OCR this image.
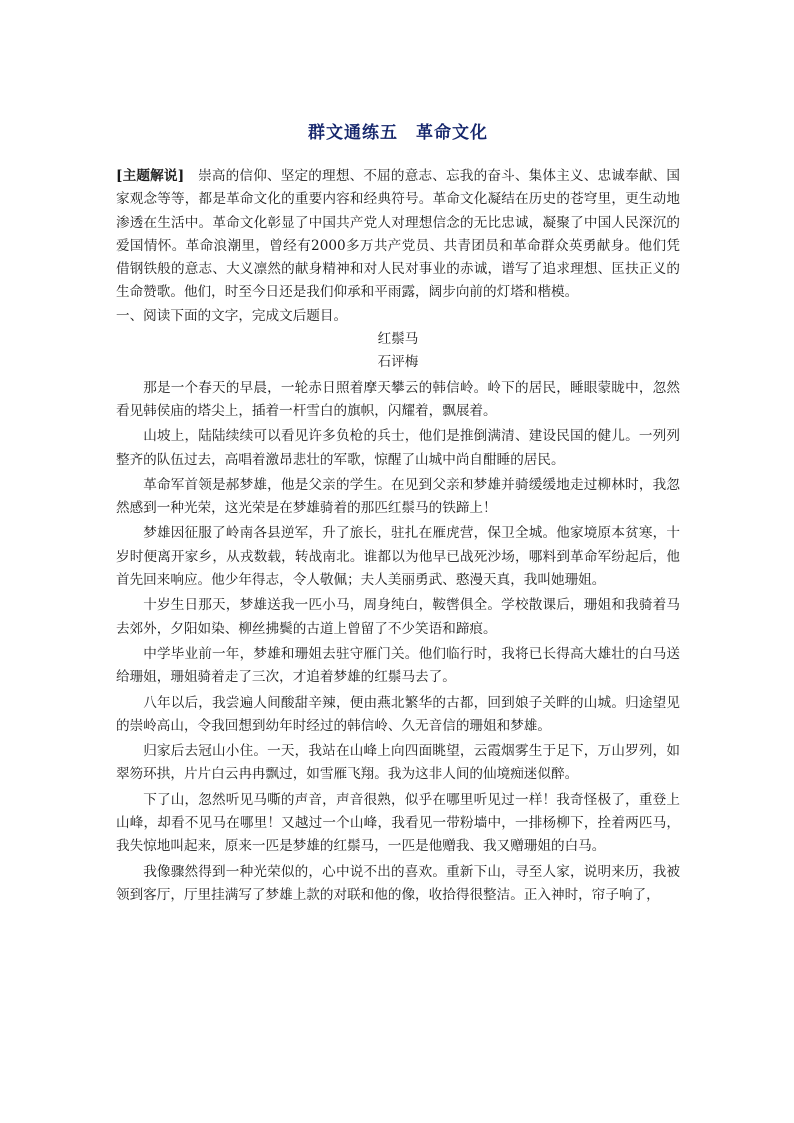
群文通练五　革命文化

[主题解说]　崇高的信仰、坚定的理想、不屈的意志、忘我的奋斗、集体主义、忠诚奉献、国家观念等等，都是革命文化的重要内容和经典符号。革命文化凝结在历史的苍穹里，更生动地渗透在生活中。革命文化彰显了中国共产党人对理想信念的无比忠诚，凝聚了中国人民深沉的爱国情怀。革命浪潮里，曾经有2000多万共产党员、共青团员和革命群众英勇献身。他们凭借钢铁般的意志、大义凛然的献身精神和对人民对事业的赤诚，谱写了追求理想、匡扶正义的生命赞歌。他们，时至今日还是我们仰承和平雨露，阔步向前的灯塔和楷模。

一、阅读下面的文字，完成文后题目。

红鬃马

石评梅

那是一个春天的早晨，一轮赤日照着摩天攀云的韩信岭。岭下的居民，睡眼蒙眬中，忽然看见韩侯庙的塔尖上，插着一杆雪白的旗帜，闪耀着，飘展着。

山坡上，陆陆续续可以看见许多负枪的兵士，他们是推倒满清、建设民国的健儿。一列列整齐的队伍过去，高唱着激昂悲壮的军歌，惊醒了山城中尚自酣睡的居民。

革命军首领是郝梦雄，他是父亲的学生。在见到父亲和梦雄并骑缓缓地走过柳林时，我忽然感到一种光荣，这光荣是在梦雄骑着的那匹红鬃马的铁蹄上！

梦雄因征服了岭南各县逆军，升了旅长，驻扎在雁虎营，保卫全城。他家境原本贫寒，十岁时便离开家乡，从戎数载，转战南北。谁都以为他早已战死沙场，哪料到革命军纷起后，他首先回来响应。他少年得志，令人敬佩；夫人美丽勇武、憨漫天真，我叫她珊姐。

十岁生日那天，梦雄送我一匹小马，周身纯白，鞍辔俱全。学校散课后，珊姐和我骑着马去郊外，夕阳如染、柳丝拂鬓的古道上曾留了不少笑语和蹄痕。

中学毕业前一年，梦雄和珊姐去驻守雁门关。他们临行时，我将已长得高大雄壮的白马送给珊姐，珊姐骑着走了三次，才追着梦雄的红鬃马去了。

八年以后，我尝遍人间酸甜辛辣，便由燕北繁华的古都，回到娘子关畔的山城。归途望见的崇岭高山，令我回想到幼年时经过的韩信岭、久无音信的珊姐和梦雄。

归家后去冠山小住。一天，我站在山峰上向四面眺望，云霞烟雾生于足下，万山罗列，如翠笏环拱，片片白云冉冉飘过，如雪雁飞翔。我为这非人间的仙境痴迷似醉。

下了山，忽然听见马嘶的声音，声音很熟，似乎在哪里听见过一样！我奇怪极了，重登上山峰，却看不见马在哪里！又越过一个山峰，我看见一带粉墙中，一排杨柳下，拴着两匹马，我失惊地叫起来，原来一匹是梦雄的红鬃马，一匹是他赠我、我又赠珊姐的白马。

我像骤然得到一种光荣似的，心中说不出的喜欢。重新下山，寻至人家，说明来历，我被领到客厅，厅里挂满写了梦雄上款的对联和他的像，收拾得很整洁。正入神时，帘子响了，
